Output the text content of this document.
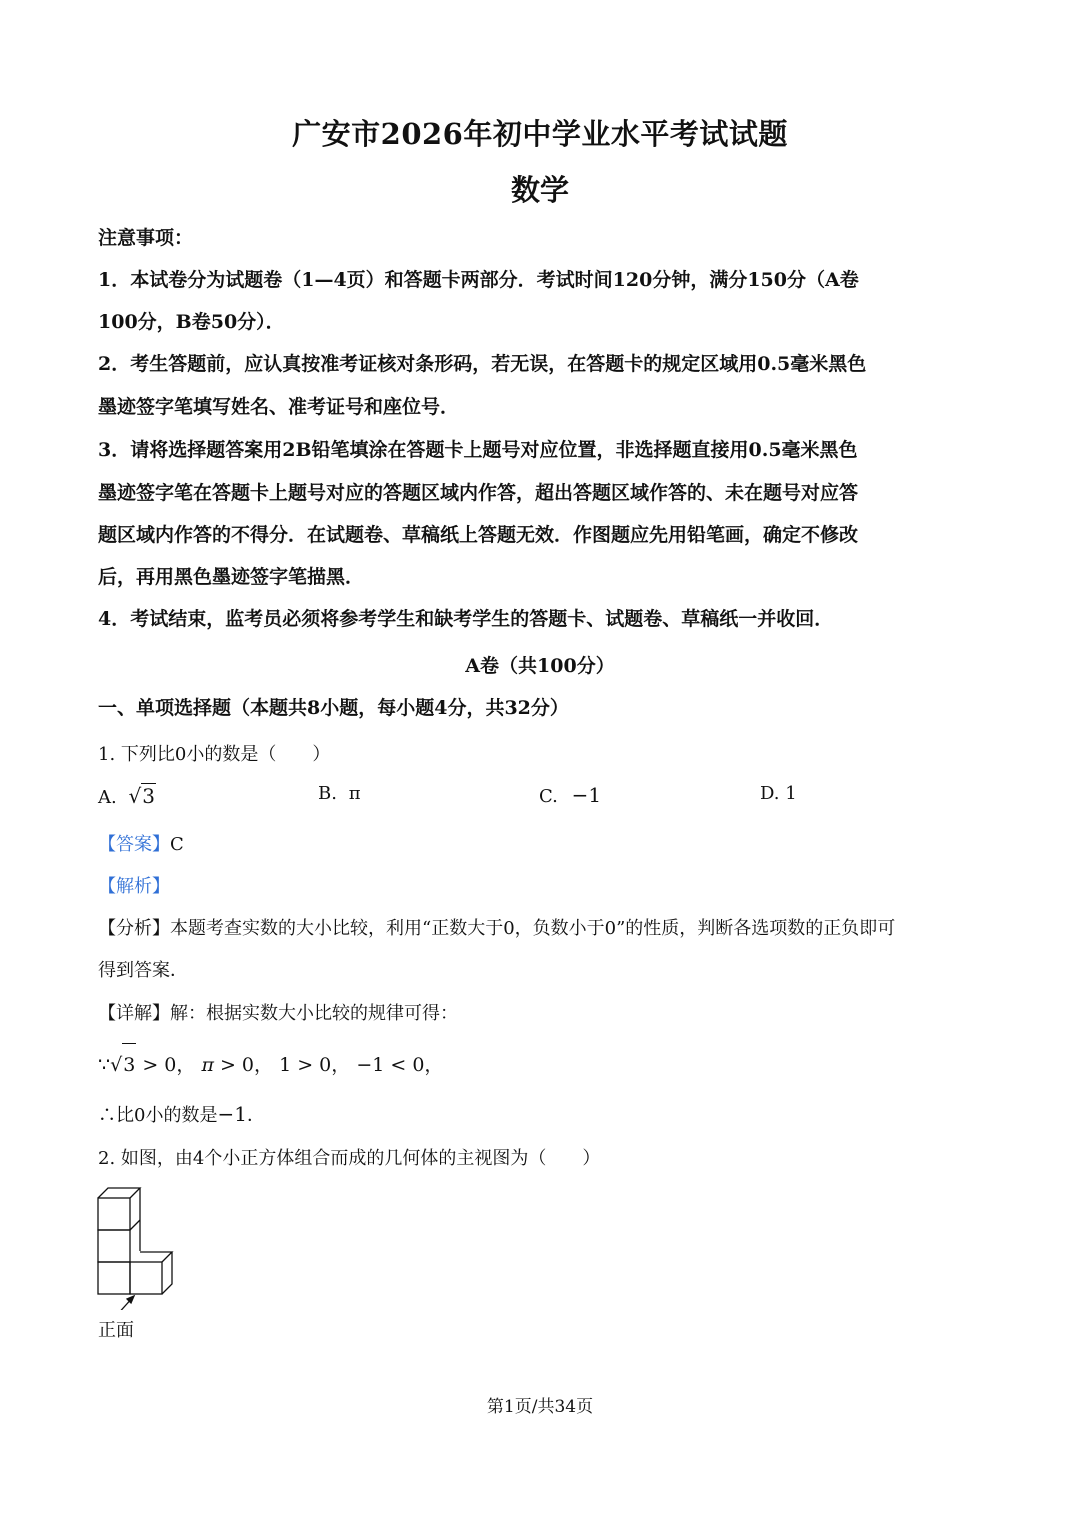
广安市2026年初中学业水平考试试题
数学
注意事项：
1．本试卷分为试题卷（1—4页）和答题卡两部分．考试时间120分钟，满分150分（A卷
100分，B卷50分）．
2．考生答题前，应认真按准考证核对条形码，若无误，在答题卡的规定区域用0.5毫米黑色
墨迹签字笔填写姓名、准考证号和座位号．
3．请将选择题答案用2B铅笔填涂在答题卡上题号对应位置，非选择题直接用0.5毫米黑色
墨迹签字笔在答题卡上题号对应的答题区域内作答，超出答题区域作答的、未在题号对应答
题区域内作答的不得分．在试题卷、草稿纸上答题无效．作图题应先用铅笔画，确定不修改
后，再用黑色墨迹签字笔描黑．
4．考试结束，监考员必须将参考学生和缺考学生的答题卡、试题卷、草稿纸一并收回．
A卷（共100分）
一、单项选择题（本题共8小题，每小题4分，共32分）
1. 下列比0小的数是（　　）
A. √3	B. π	C. −1	D. 1
【答案】C
【解析】
【分析】本题考查实数的大小比较，利用“正数大于0，负数小于0”的性质，判断各选项数的正负即可
得到答案．
【详解】解：根据实数大小比较的规律可得：
∵√3 > 0， π > 0， 1 > 0， −1 < 0，
∴比0小的数是−1．
2. 如图，由4个小正方体组合而成的几何体的主视图为（　　）
正面
第1页/共34页
